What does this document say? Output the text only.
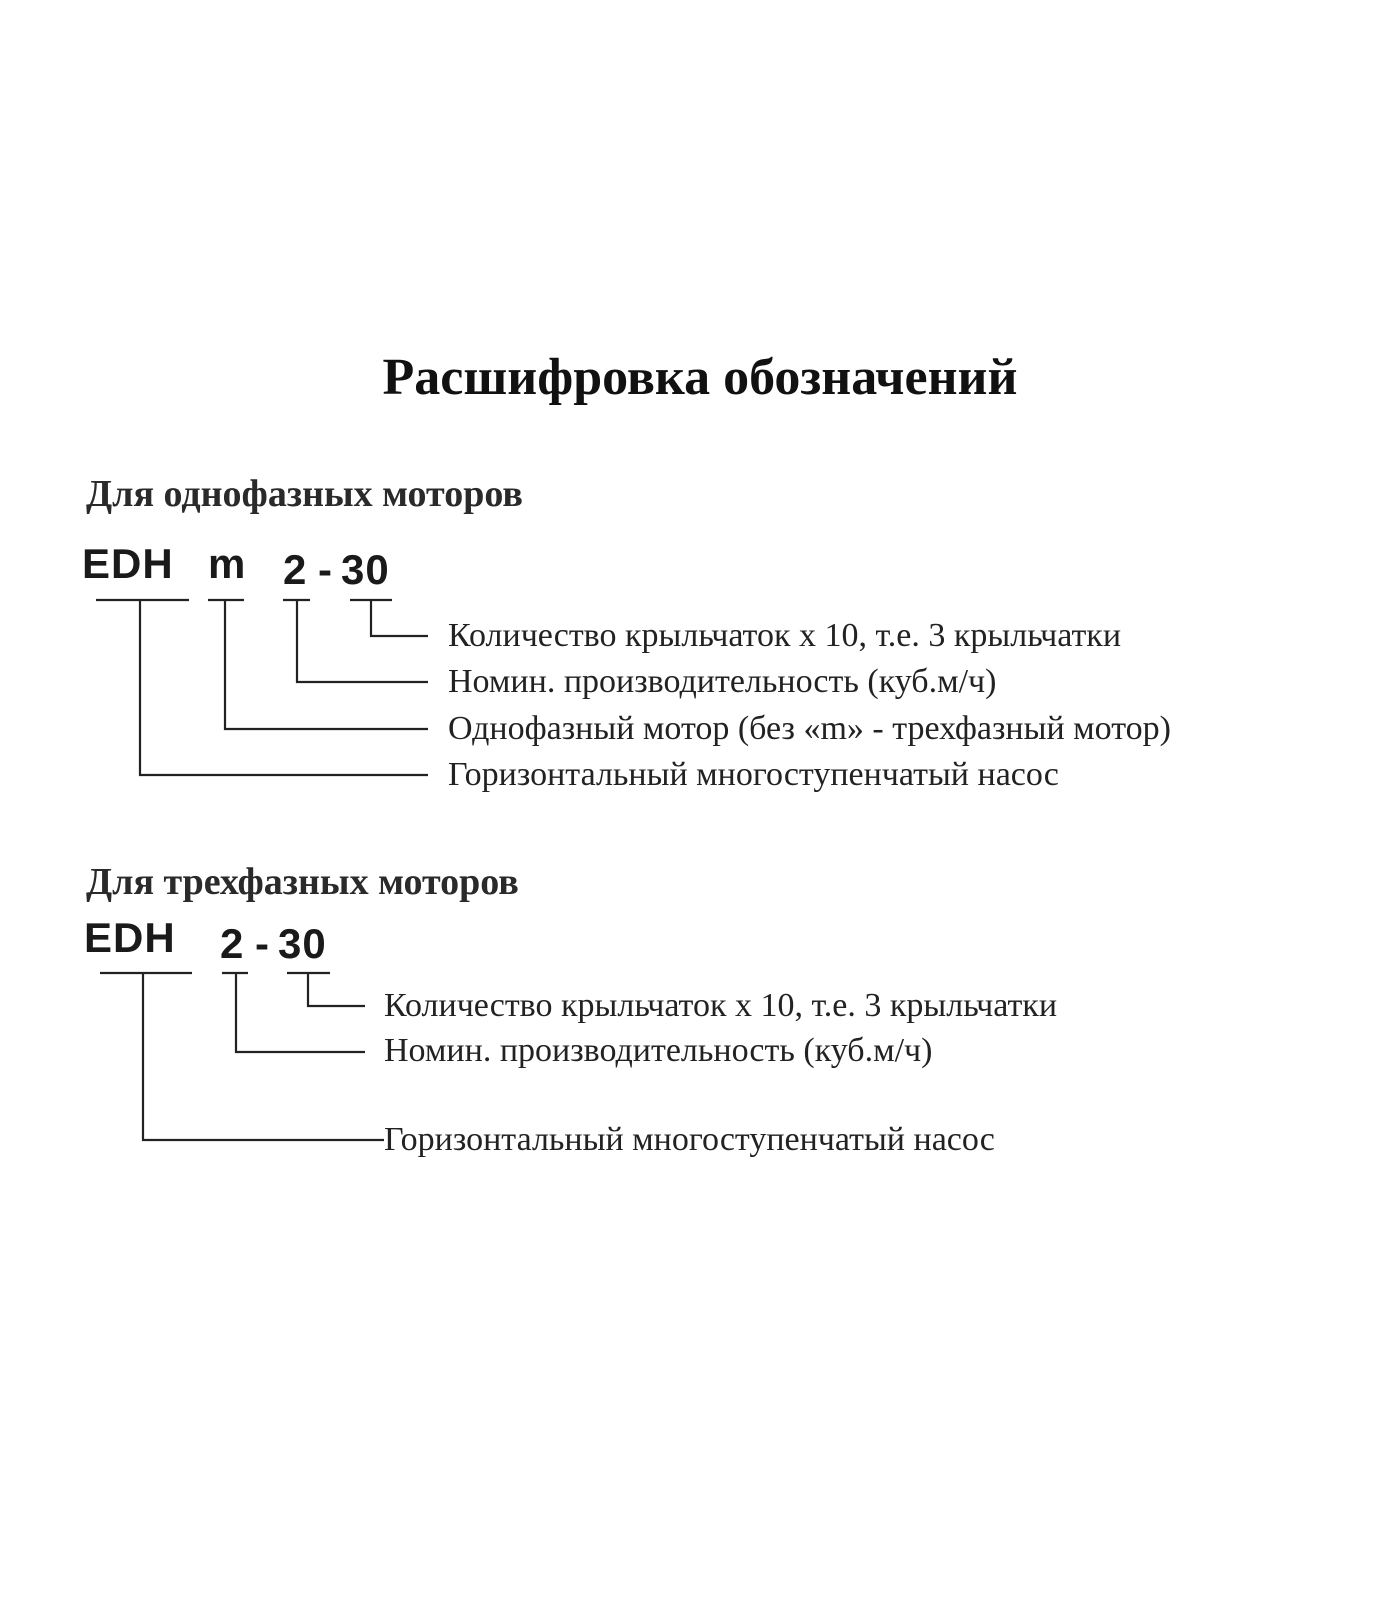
Расшифровка обозначений
Для однофазных моторов
EDH m 2 - 30
Количество крыльчаток х 10, т.е. 3 крыльчатки
Номин. производительность (куб.м/ч)
Однофазный мотор (без «m» - трехфазный мотор)
Горизонтальный многоступенчатый насос
Для трехфазных моторов
EDH 2 - 30
Количество крыльчаток х 10, т.е. 3 крыльчатки
Номин. производительность (куб.м/ч)
Горизонтальный многоступенчатый насос
